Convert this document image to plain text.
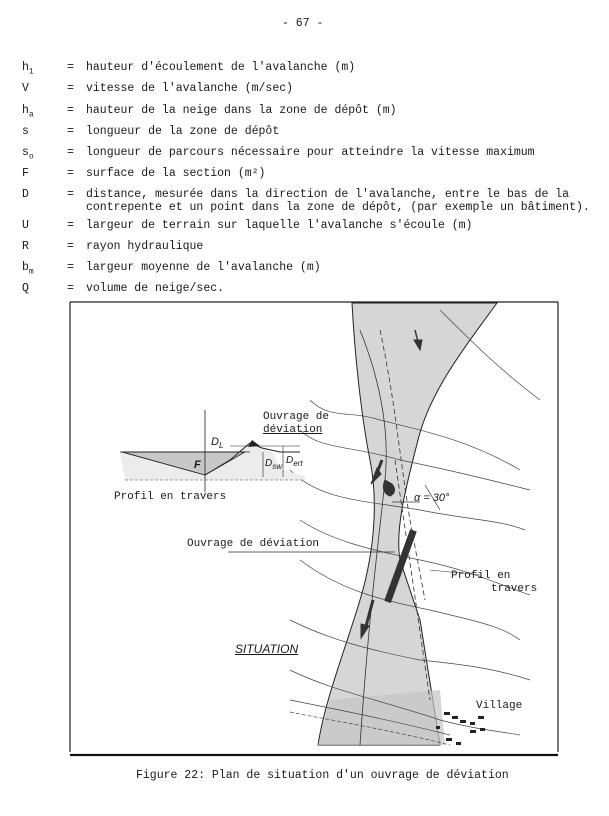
- 67 -
$h_1$	= hauteur d'écoulement de l'avalanche (m)
V	= vitesse de l'avalanche (m/sec)
$h_a$	= hauteur de la neige dans la zone de dépôt (m)
s	= longueur de la zone de dépôt
$s_o$	= longueur de parcours nécessaire pour atteindre la vitesse maximum
F	= surface de la section (m²)
D	= distance, mesurée dans la direction de l'avalanche, entre le bas de la
contrepente et un point dans la zone de dépôt, (par exemple un bâtiment).
U	= largeur de terrain sur laquelle l'avalanche s'écoule (m)
R	= rayon hydraulique
$b_m$	= largeur moyenne de l'avalanche (m)
Q	= volume de neige/sec.
Ouvrage de
déviation
$D_L$
F	$D_{sw}$
$D_{ert}$
Profil en travers	α = 30°
Ouvrage de déviation
Profil en
travers
SITUATION
Village
Figure 22: Plan de situation d'un ouvrage de déviation
